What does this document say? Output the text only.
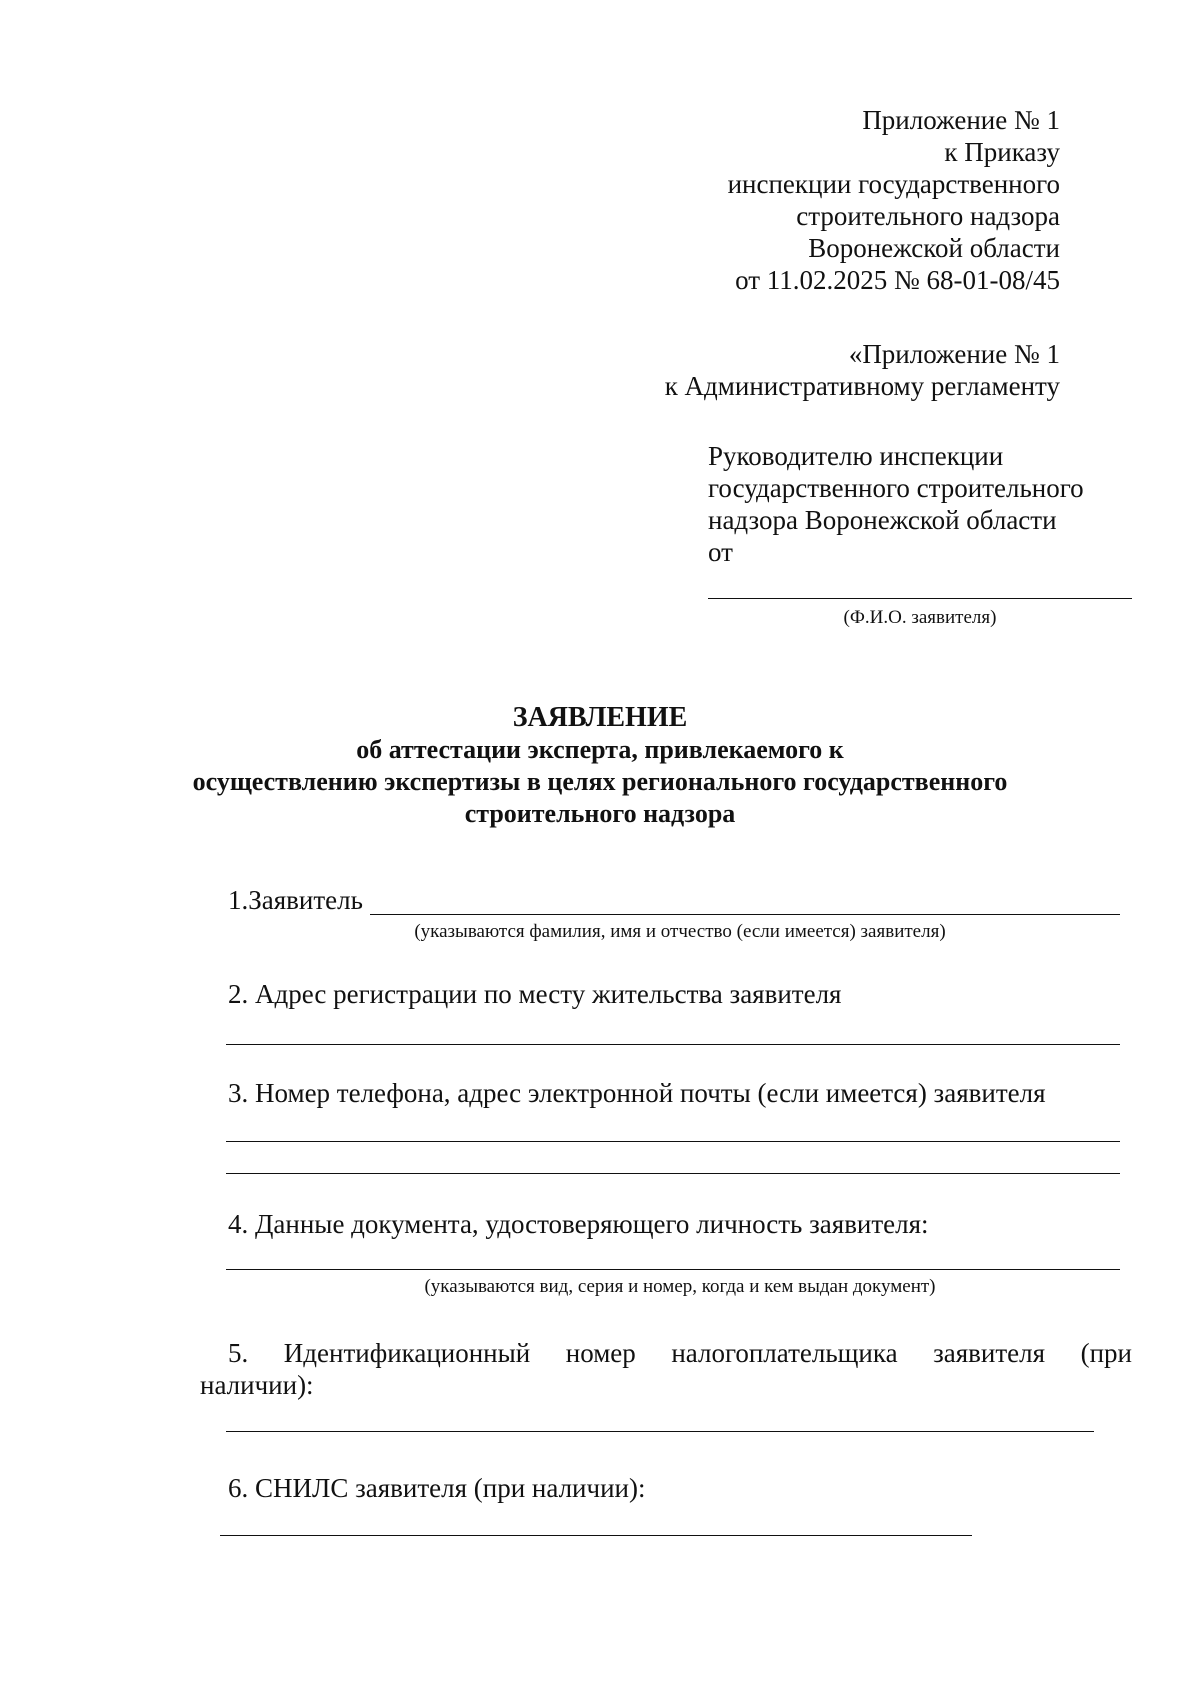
Приложение № 1
к Приказу
инспекции государственного
строительного надзора
Воронежской области
от 11.02.2025 № 68-01-08/45
«Приложение № 1
к Административному регламенту
Руководителю инспекции
государственного строительного
надзора Воронежской области
от
(Ф.И.О. заявителя)
ЗАЯВЛЕНИЕ
об аттестации эксперта, привлекаемого к
осуществлению экспертизы в целях регионального государственного
строительного надзора
1.Заявитель
(указываются фамилия, имя и отчество (если имеется) заявителя)
2. Адрес регистрации по месту жительства заявителя
3. Номер телефона, адрес электронной почты (если имеется) заявителя
4. Данные документа, удостоверяющего личность заявителя:
(указываются вид, серия и номер, когда и кем выдан документ)
5. Идентификационный номер налогоплательщика заявителя (при
наличии):
6. СНИЛС заявителя (при наличии):
